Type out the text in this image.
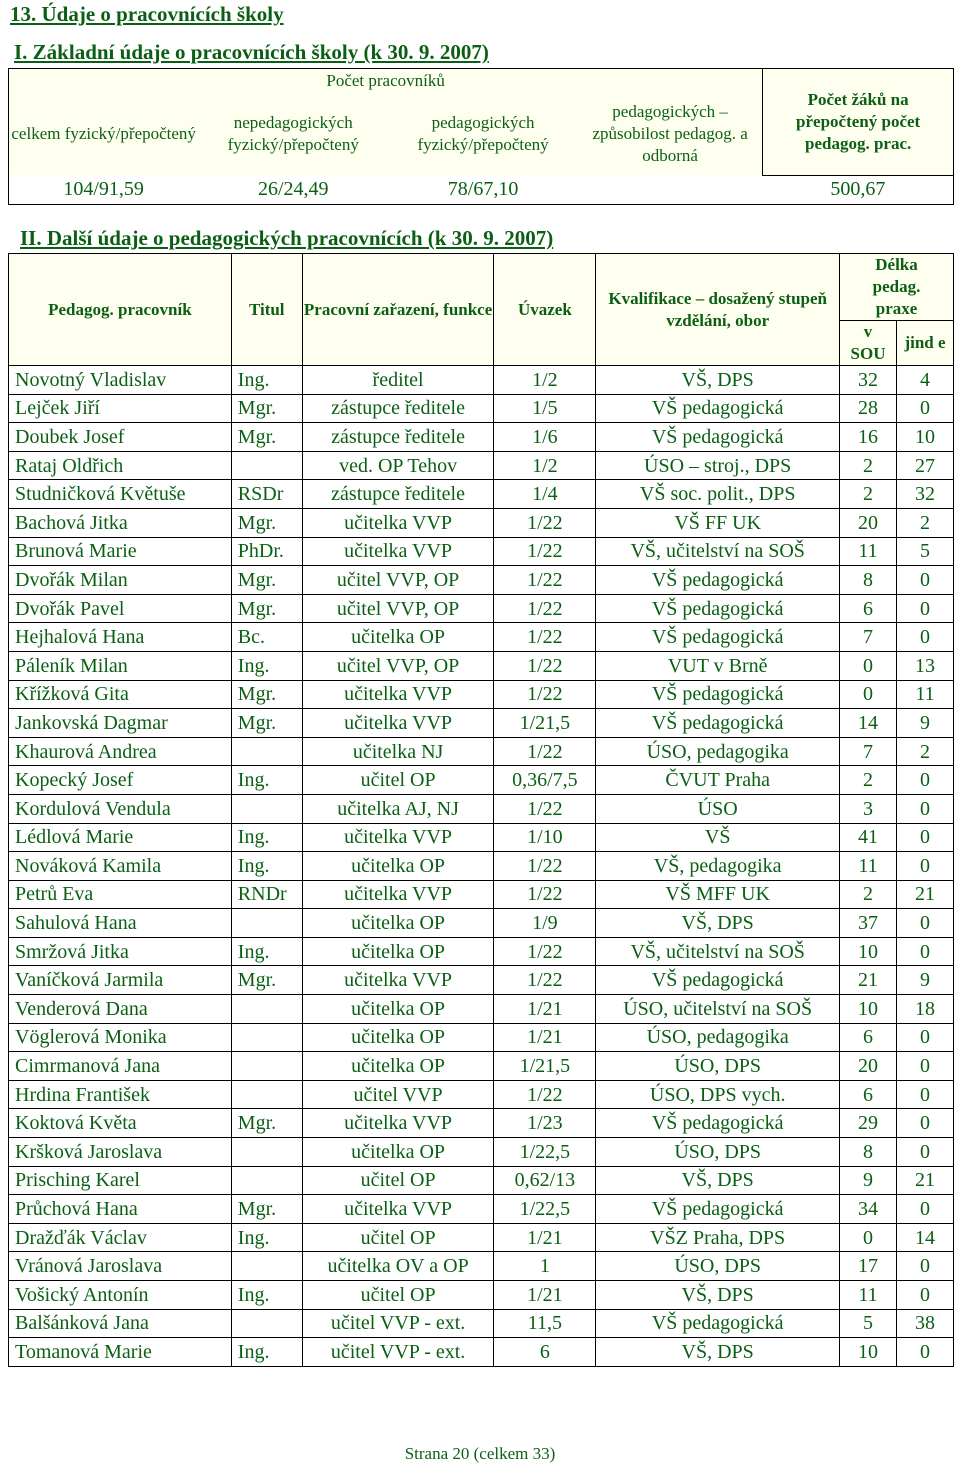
13. Údaje o pracovnících školy
I. Základní údaje o pracovnících školy (k 30. 9. 2007)
Počet pracovníků				Počet žáků na přepočtený počet pedagog. prac.
celkem fyzický/přepočtený	nepedagogických fyzický/přepočtený	pedagogických fyzický/přepočtený	pedagogických – způsobilost pedagog. a odborná	
104/91,59	26/24,49	78/67,10		500,67
II. Další údaje o pedagogických pracovnících (k 30. 9. 2007)
Pedagog. pracovník	Titul	Pracovní zařazení, funkce	Úvazek	Kvalifikace – dosažený stupeň vzdělání, obor	Délka pedag. praxe	
					v SOU	jind e
Novotný Vladislav	Ing.	ředitel	1/2	VŠ, DPS	32	4
Lejček Jiří	Mgr.	zástupce ředitele	1/5	VŠ pedagogická	28	0
Doubek Josef	Mgr.	zástupce ředitele	1/6	VŠ pedagogická	16	10
Rataj Oldřich		ved. OP Tehov	1/2	ÚSO – stroj., DPS	2	27
Studničková Květuše	RSDr	zástupce ředitele	1/4	VŠ soc. polit., DPS	2	32
Bachová Jitka	Mgr.	učitelka VVP	1/22	VŠ FF UK	20	2
Brunová Marie	PhDr.	učitelka VVP	1/22	VŠ, učitelství na SOŠ	11	5
Dvořák Milan	Mgr.	učitel VVP, OP	1/22	VŠ pedagogická	8	0
Dvořák Pavel	Mgr.	učitel VVP, OP	1/22	VŠ pedagogická	6	0
Hejhalová Hana	Bc.	učitelka OP	1/22	VŠ pedagogická	7	0
Páleník Milan	Ing.	učitel VVP, OP	1/22	VUT v Brně	0	13
Křížková Gita	Mgr.	učitelka VVP	1/22	VŠ pedagogická	0	11
Jankovská Dagmar	Mgr.	učitelka VVP	1/21,5	VŠ pedagogická	14	9
Khaurová Andrea		učitelka NJ	1/22	ÚSO, pedagogika	7	2
Kopecký Josef	Ing.	učitel OP	0,36/7,5	ČVUT Praha	2	0
Kordulová Vendula		učitelka AJ, NJ	1/22	ÚSO	3	0
Lédlová Marie	Ing.	učitelka VVP	1/10	VŠ	41	0
Nováková Kamila	Ing.	učitelka OP	1/22	VŠ, pedagogika	11	0
Petrů Eva	RNDr	učitelka VVP	1/22	VŠ MFF UK	2	21
Sahulová Hana		učitelka OP	1/9	VŠ, DPS	37	0
Smržová Jitka	Ing.	učitelka OP	1/22	VŠ, učitelství na SOŠ	10	0
Vaníčková Jarmila	Mgr.	učitelka VVP	1/22	VŠ pedagogická	21	9
Venderová Dana		učitelka OP	1/21	ÚSO, učitelství na SOŠ	10	18
Vöglerová Monika		učitelka OP	1/21	ÚSO, pedagogika	6	0
Cimrmanová Jana		učitelka OP	1/21,5	ÚSO, DPS	20	0
Hrdina František		učitel VVP	1/22	ÚSO, DPS vych.	6	0
Koktová Květa	Mgr.	učitelka VVP	1/23	VŠ pedagogická	29	0
Kršková Jaroslava		učitelka OP	1/22,5	ÚSO, DPS	8	0
Prisching Karel		učitel OP	0,62/13	VŠ, DPS	9	21
Průchová Hana	Mgr.	učitelka VVP	1/22,5	VŠ pedagogická	34	0
Dražďák Václav	Ing.	učitel OP	1/21	VŠZ Praha, DPS	0	14
Vránová Jaroslava		učitelka OV a OP	1	ÚSO, DPS	17	0
Vošický Antonín	Ing.	učitel OP	1/21	VŠ, DPS	11	0
Balšánková Jana		učitel VVP - ext.	11,5	VŠ pedagogická	5	38
Tomanová Marie	Ing.	učitel VVP - ext.	6	VŠ, DPS	10	0
Strana 20 (celkem 33)
